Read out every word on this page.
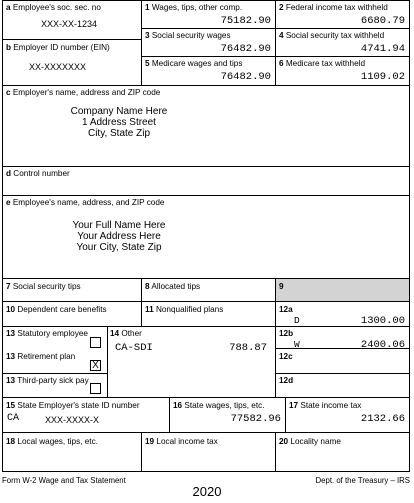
a Employee's soc. sec. no
XXX-XX-1234
b Employer ID number (EIN)
XX-XXXXXXX
1 Wages, tips, other comp.
75182.90
2 Federal income tax withheld
6680.79
3 Social security wages
76482.90
4 Social security tax withheld
4741.94
5 Medicare wages and tips
76482.90
6 Medicare tax withheld
1109.02
c Employer's name, address and ZIP code
Company Name Here
1 Address Street
City, State Zip
d Control number
e Employee's name, address, and ZIP code
Your Full Name Here
Your Address Here
Your City, State Zip
7 Social security tips	8 Allocated tips	9
10 Dependent care benefits	11 Nonqualified plans	12a
D	1300.00
13 Statutory employee
13 Retirement plan
X
13 Third-party sick pay
14 Other
CA-SDI	788.87
12b
W	2400.06
12c
12d
15 State Employer's state ID number
CA	XXX-XXXX-X
16 State wages, tips, etc.
77582.96
17 State income tax
2132.66
18 Local wages, tips, etc.	19 Local income tax	20 Locality name
Form W-2 Wage and Tax Statement	Dept. of the Treasury – IRS
2020
